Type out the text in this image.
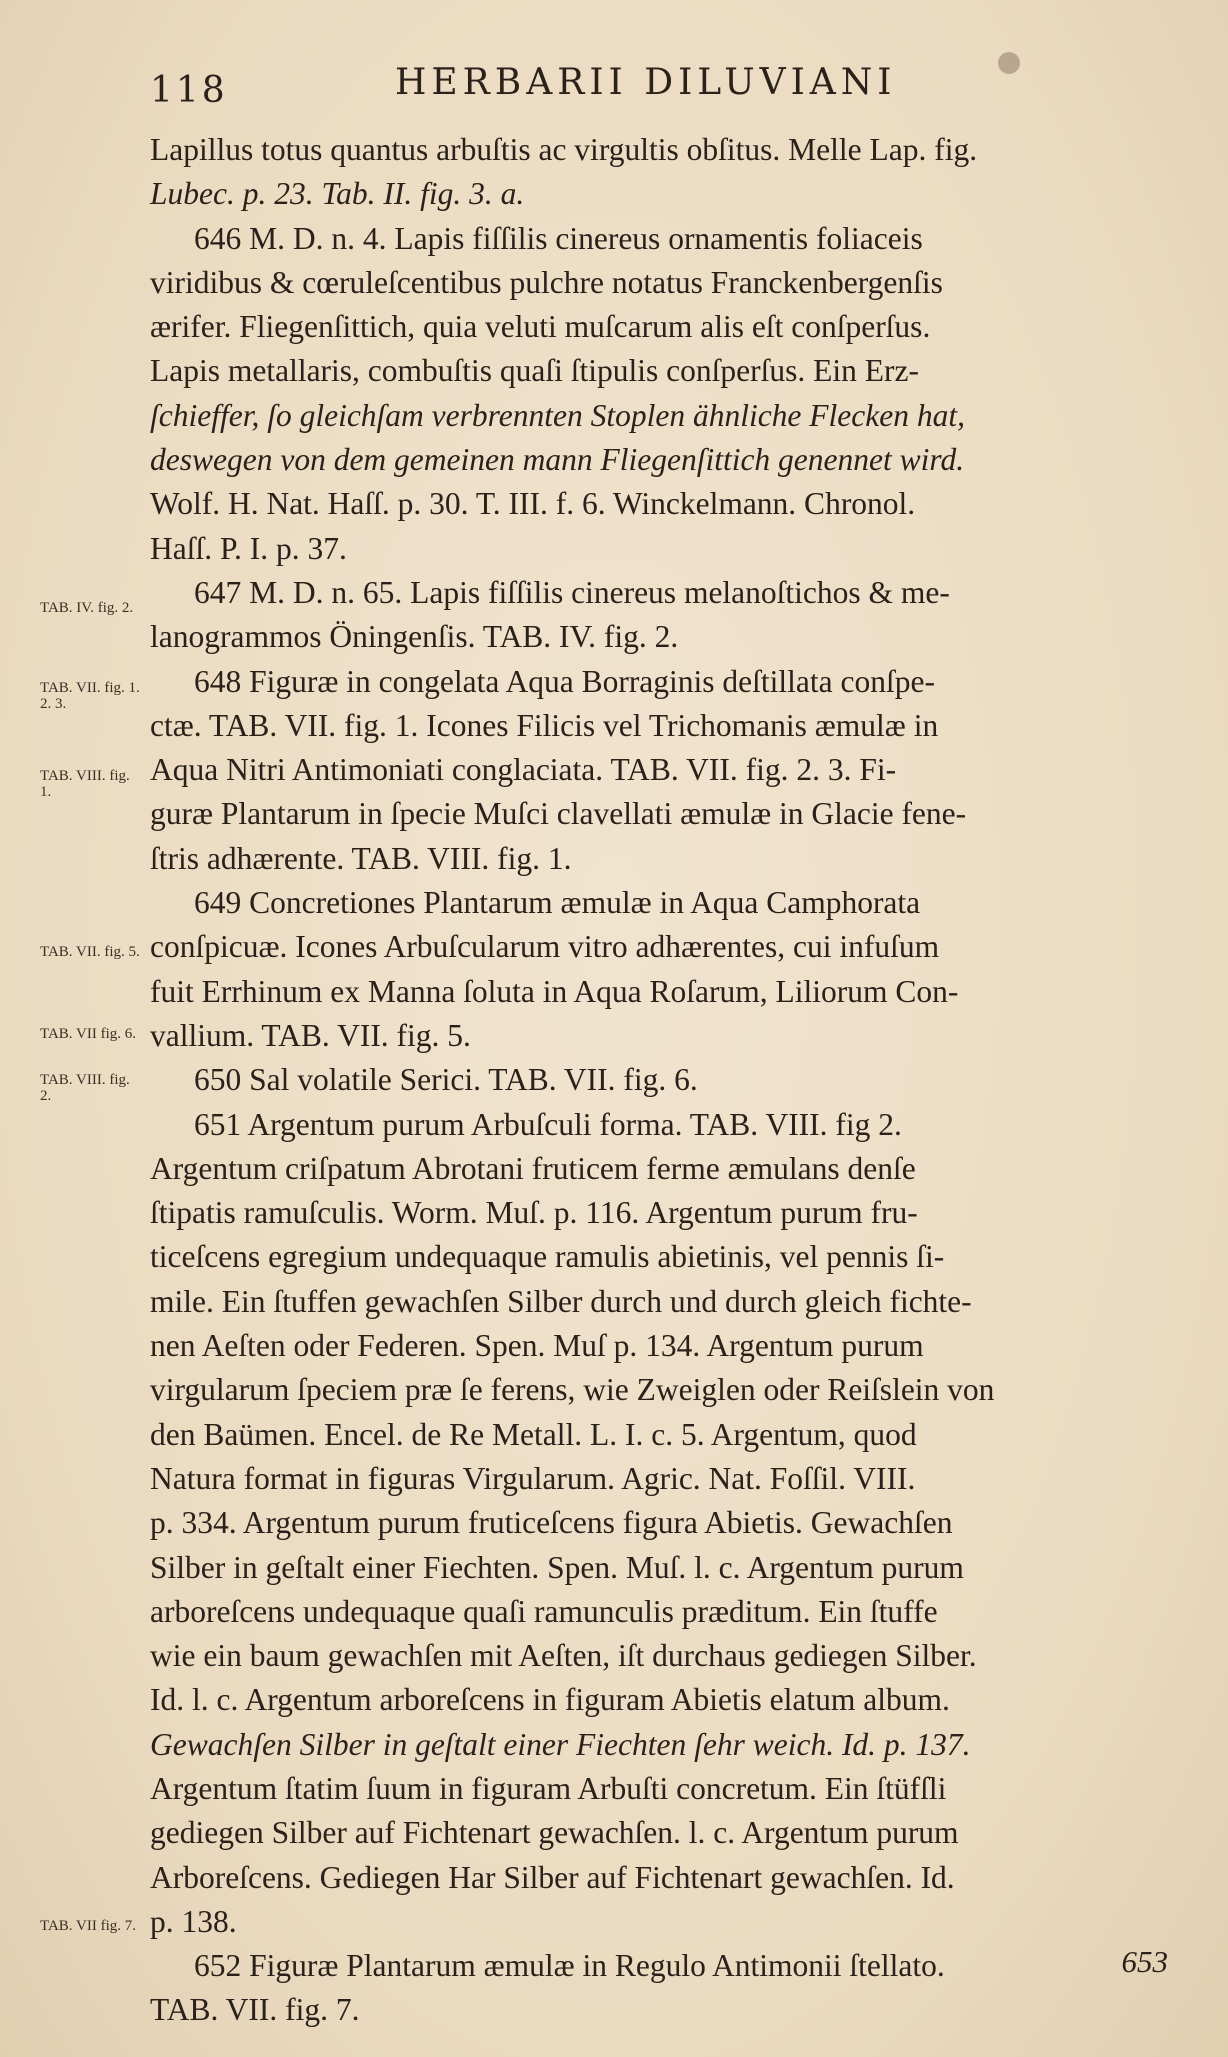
118	HERBARII DILUVIANI
Lapillus totus quantus arbuſtis ac virgultis obſitus. Melle Lap. fig.
Lubec. p. 23. Tab. II. fig. 3. a.
646 M. D. n. 4. Lapis fiſſilis cinereus ornamentis foliaceis
viridibus & cœruleſcentibus pulchre notatus Franckenbergenſis
ærifer. Fliegenſittich, quia veluti muſcarum alis eſt conſperſus.
Lapis metallaris, combuſtis quaſi ſtipulis conſperſus. Ein Erz-
ſchieffer, ſo gleichſam verbrennten Stoplen ähnliche Flecken hat,
deswegen von dem gemeinen mann Fliegenſittich genennet wird.
Wolf. H. Nat. Haſſ. p. 30. T. III. f. 6. Winckelmann. Chronol.
Haſſ. P. I. p. 37.
647 M. D. n. 65. Lapis fiſſilis cinereus melanoſtichos & me-
lanogrammos Öningenſis. TAB. IV. fig. 2.
648 Figuræ in congelata Aqua Borraginis deſtillata conſpe-
ctæ. TAB. VII. fig. 1. Icones Filicis vel Trichomanis æmulæ in
Aqua Nitri Antimoniati conglaciata. TAB. VII. fig. 2. 3. Fi-
guræ Plantarum in ſpecie Muſci clavellati æmulæ in Glacie fene-
ſtris adhærente. TAB. VIII. fig. 1.
649 Concretiones Plantarum æmulæ in Aqua Camphorata
conſpicuæ. Icones Arbuſcularum vitro adhærentes, cui infuſum
fuit Errhinum ex Manna ſoluta in Aqua Roſarum, Liliorum Con-
vallium. TAB. VII. fig. 5.
650 Sal volatile Serici. TAB. VII. fig. 6.
651 Argentum purum Arbuſculi forma. TAB. VIII. fig 2.
Argentum criſpatum Abrotani fruticem ferme æmulans denſe
ſtipatis ramuſculis. Worm. Muſ. p. 116. Argentum purum fru-
ticeſcens egregium undequaque ramulis abietinis, vel pennis ſi-
mile. Ein ſtuffen gewachſen Silber durch und durch gleich fichte-
nen Aeſten oder Federen. Spen. Muſ p. 134. Argentum purum
virgularum ſpeciem præ ſe ferens, wie Zweiglen oder Reiſslein von
den Baümen. Encel. de Re Metall. L. I. c. 5. Argentum, quod
Natura format in figuras Virgularum. Agric. Nat. Foſſil. VIII.
p. 334. Argentum purum fruticeſcens figura Abietis. Gewachſen
Silber in geſtalt einer Fiechten. Spen. Muſ. l. c. Argentum purum
arboreſcens undequaque quaſi ramunculis præditum. Ein ſtuffe
wie ein baum gewachſen mit Aeſten, iſt durchaus gediegen Silber.
Id. l. c. Argentum arboreſcens in figuram Abietis elatum album.
Gewachſen Silber in geſtalt einer Fiechten ſehr weich. Id. p. 137.
Argentum ſtatim ſuum in figuram Arbuſti concretum. Ein ſtüfſli
gediegen Silber auf Fichtenart gewachſen. l. c. Argentum purum
Arboreſcens. Gediegen Har Silber auf Fichtenart gewachſen. Id.
p. 138.
652 Figuræ Plantarum æmulæ in Regulo Antimonii ſtellato.
TAB. VII. fig. 7.
TAB. IV. fig. 2.
TAB. VII. fig. 1. 2. 3.
TAB. VIII. fig. 1.
TAB. VII. fig. 5.
TAB. VII fig. 6.
TAB. VIII. fig. 2.
TAB. VII fig. 7.
653
